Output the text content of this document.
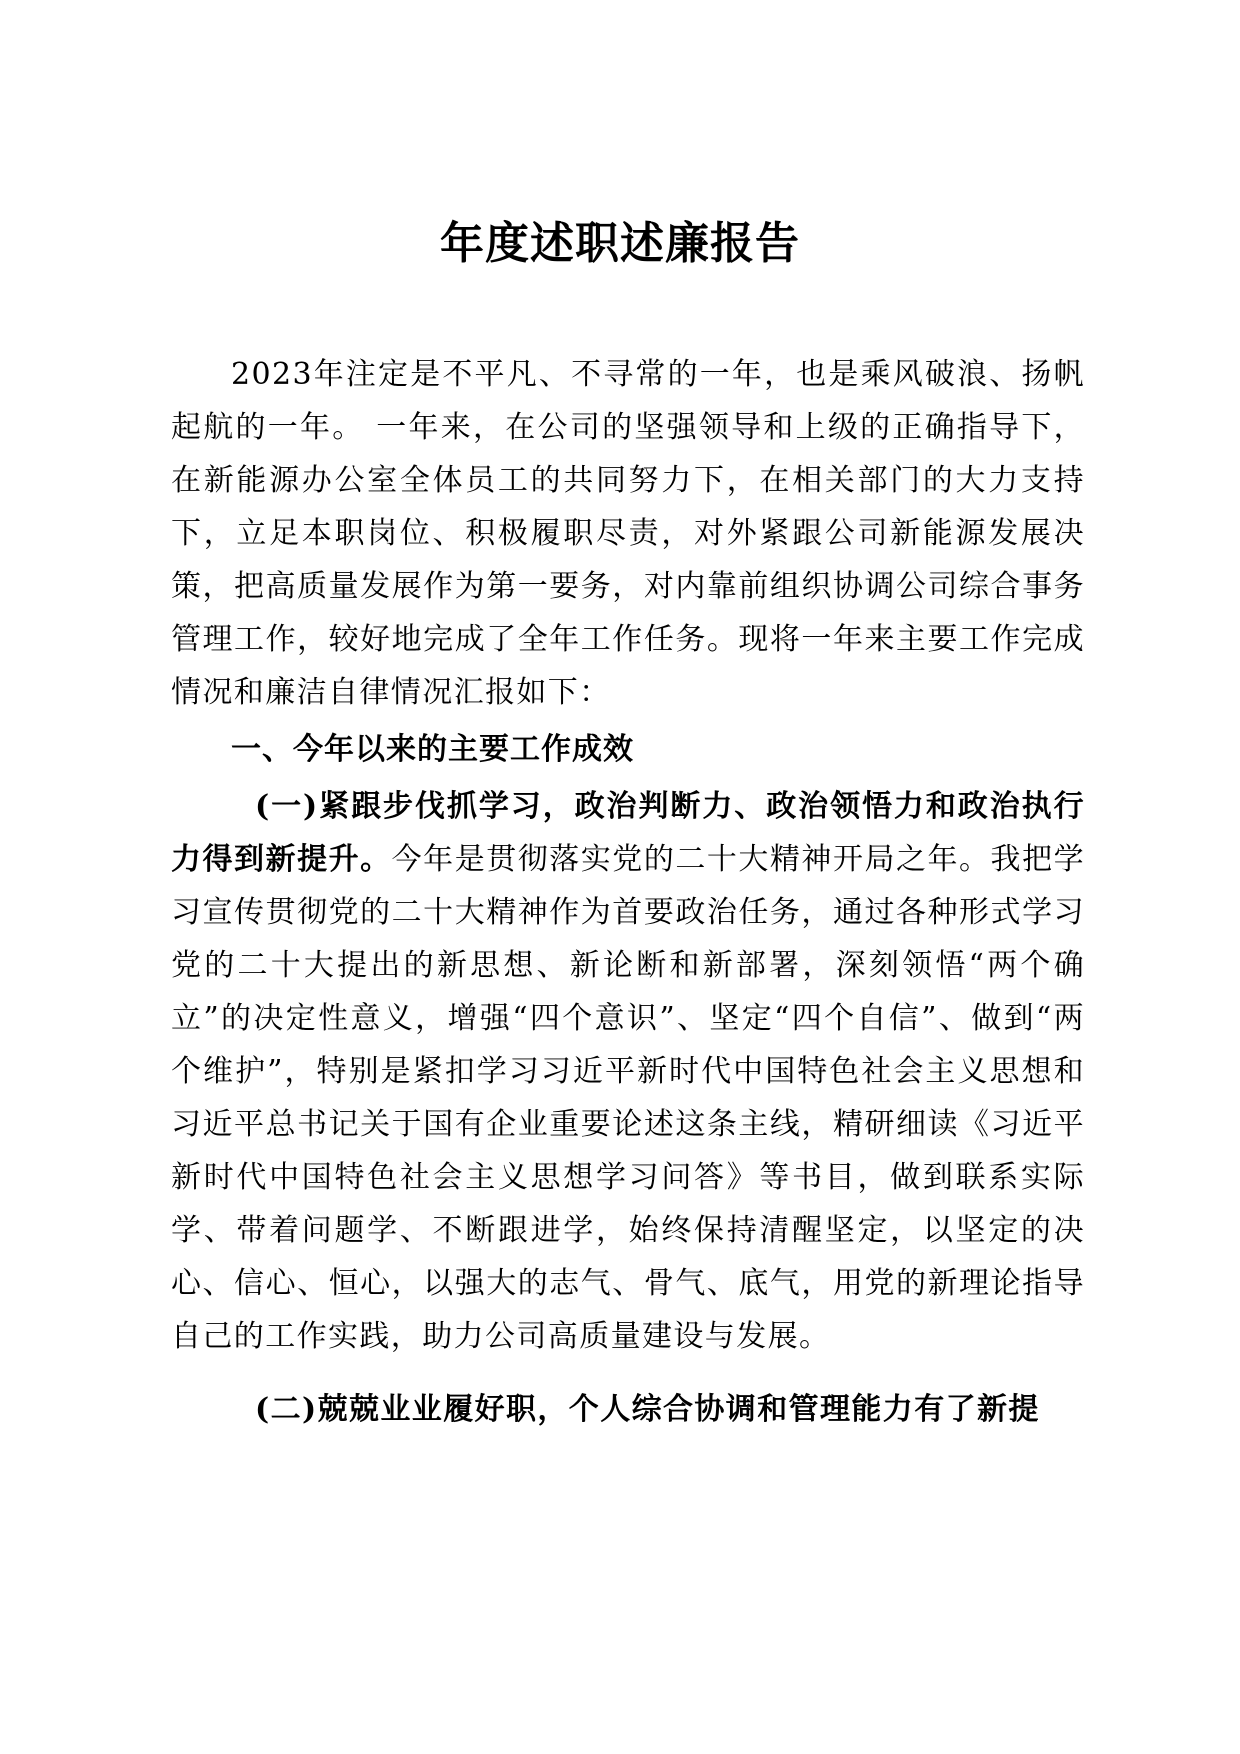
年度述职述廉报告

2023年注定是不平凡、不寻常的一年，也是乘风破浪、扬帆起航的一年。 一年来，在公司的坚强领导和上级的正确指导下，在新能源办公室全体员工的共同努力下，在相关部门的大力支持下，立足本职岗位、积极履职尽责，对外紧跟公司新能源发展决策，把高质量发展作为第一要务，对内靠前组织协调公司综合事务管理工作，较好地完成了全年工作任务。现将一年来主要工作完成情况和廉洁自律情况汇报如下：

一、今年以来的主要工作成效

(一)紧跟步伐抓学习，政治判断力、政治领悟力和政治执行力得到新提升。今年是贯彻落实党的二十大精神开局之年。我把学习宣传贯彻党的二十大精神作为首要政治任务，通过各种形式学习党的二十大提出的新思想、新论断和新部署，深刻领悟“两个确立”的决定性意义，增强“四个意识”、坚定“四个自信”、做到“两个维护”，特别是紧扣学习习近平新时代中国特色社会主义思想和习近平总书记关于国有企业重要论述这条主线，精研细读《习近平新时代中国特色社会主义思想学习问答》等书目，做到联系实际学、带着问题学、不断跟进学，始终保持清醒坚定，以坚定的决心、信心、恒心，以强大的志气、骨气、底气，用党的新理论指导自己的工作实践，助力公司高质量建设与发展。

(二)兢兢业业履好职，个人综合协调和管理能力有了新提
